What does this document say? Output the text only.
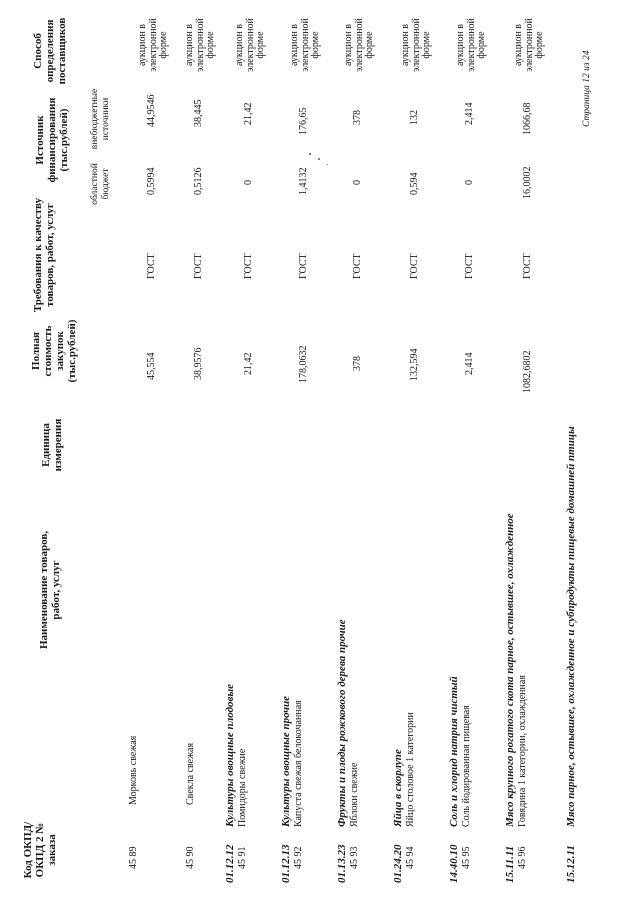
Код ОКПД/ ОКПД 2 № заказа
Наименование товаров, работ, услуг
Единица измерения
Полная стоимость закупок (тыс.рублей)
Требования к качеству товаров, работ, услуг
Источник финансирования (тыс.рублей)
областной бюджет
внебюджетные источники
Способ определения поставщиков
45 89
Морковь свежая
45,554
ГОСТ
0,5994
44,9546
аукцион в электронной форме
45 90
Свекла свежая
38,9576
ГОСТ
0,5126
38,445
аукцион в электронной форме
01.12.12
Культуры овощные плодовые
45 91
Помидоры свежие
21,42
ГОСТ
0
21,42
аукцион в электронной форме
01.12.13
Культуры овощные прочие
45 92
Капуста свежая белокочанная
178,0632
ГОСТ
1,4132
176,65
аукцион в электронной форме
01.13.23
Фрукты и плоды рожкового дерева прочие
45 93
Яблоки свежие
378
ГОСТ
0
378
аукцион в электронной форме
01.24.20
Яйца в скорлупе
45 94
Яйцо столовое 1 категории
132,594
ГОСТ
0,594
132
аукцион в электронной форме
14.40.10
Соль и хлорид натрия чистый
45 95
Соль йодированная пищевая
2,414
ГОСТ
0
2,414
аукцион в электронной форме
15.11.11
Мясо крупного рогатого скота парное, остывшее, охлажденное
45 96
Говядина 1 категории, охлажденная
1082,6802
ГОСТ
16,0002
1066,68
аукцион в электронной форме
15.12.11
Мясо парное, остывшее, охлажденное и субпродукты пищевые домашней птицы
Страница 12 из 24
